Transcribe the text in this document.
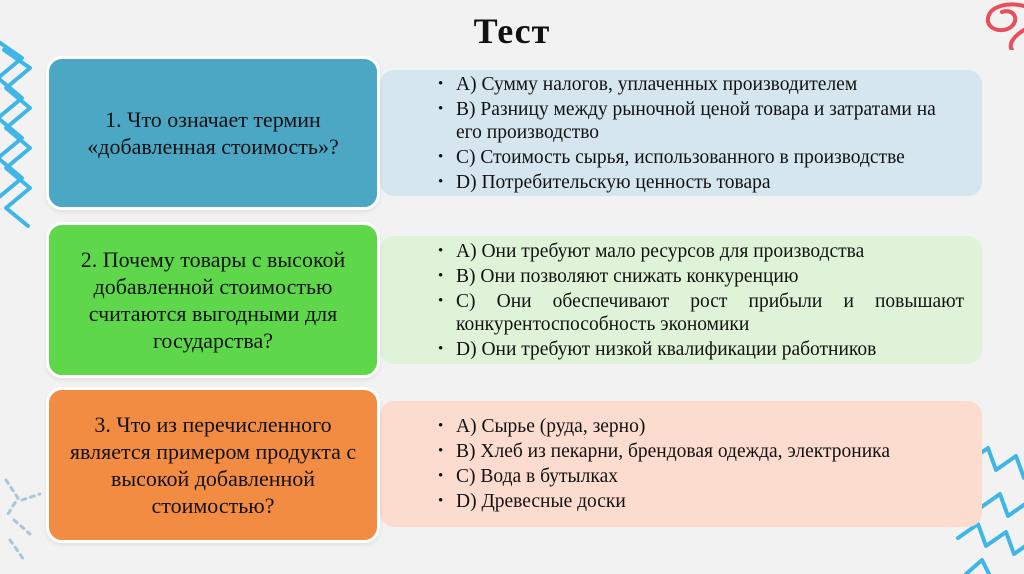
Тест
• A) Сумму налогов, уплаченных производителем
• B) Разницу между рыночной ценой товара и затратами на его производство
• C) Стоимость сырья, использованного в производстве
• D) Потребительскую ценность товара
1. Что означает термин «добавленная стоимость»?
• A) Они требуют мало ресурсов для производства
• B) Они позволяют снижать конкуренцию
• C) Они обеспечивают рост прибыли и повышают конкурентоспособность экономики
• D) Они требуют низкой квалификации работников
2. Почему товары с высокой добавленной стоимостью считаются выгодными для государства?
• A) Сырье (руда, зерно)
• B) Хлеб из пекарни, брендовая одежда, электроника
• C) Вода в бутылках
• D) Древесные доски
3. Что из перечисленного является примером продукта с высокой добавленной стоимостью?
